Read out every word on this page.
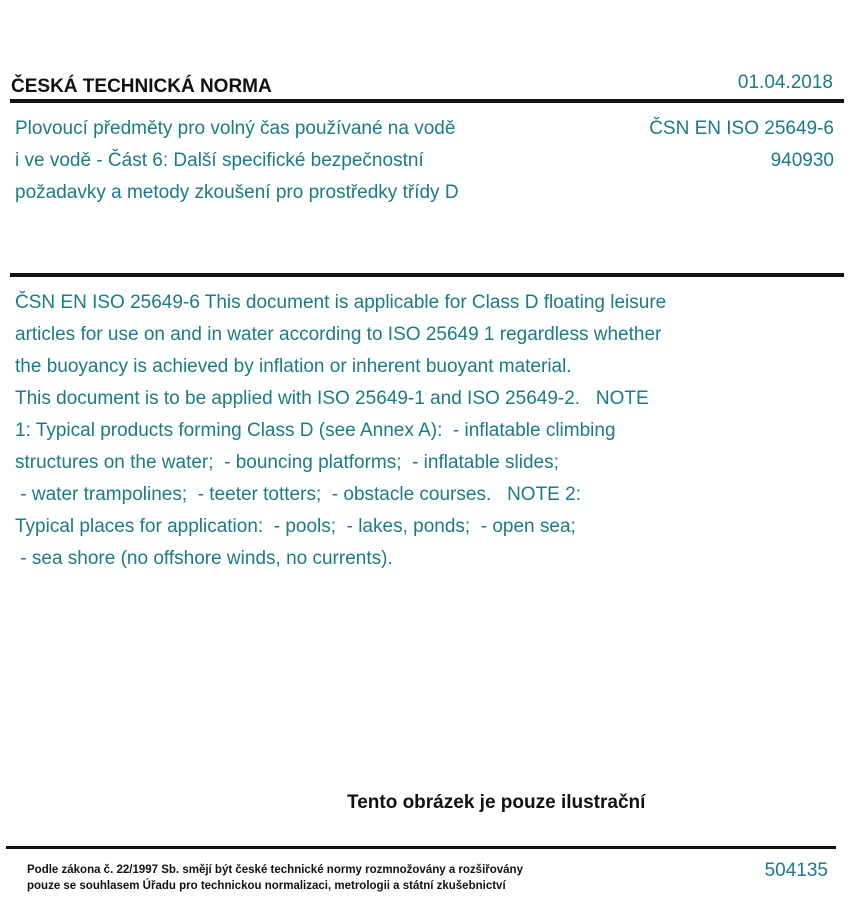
ČESKÁ TECHNICKÁ NORMA	01.04.2018
Plovoucí předměty pro volný čas používané na vodě
i ve vodě - Část 6: Další specifické bezpečnostní
požadavky a metody zkoušení pro prostředky třídy D
ČSN EN ISO 25649-6
940930
ČSN EN ISO 25649-6 This document is applicable for Class D floating leisure
articles for use on and in water according to ISO 25649 1 regardless whether
the buoyancy is achieved by inflation or inherent buoyant material.
This document is to be applied with ISO 25649-1 and ISO 25649-2.   NOTE
1: Typical products forming Class D (see Annex A):  - inflatable climbing
structures on the water;  - bouncing platforms;  - inflatable slides;
- water trampolines;  - teeter totters;  - obstacle courses.   NOTE 2:
Typical places for application:  - pools;  - lakes, ponds;  - open sea;
- sea shore (no offshore winds, no currents).
Tento obrázek je pouze ilustrační
Podle zákona č. 22/1997 Sb. smějí být české technické normy rozmnožovány a rozšiřovány
pouze se souhlasem Úřadu pro technickou normalizaci, metrologii a státní zkušebnictví
504135
